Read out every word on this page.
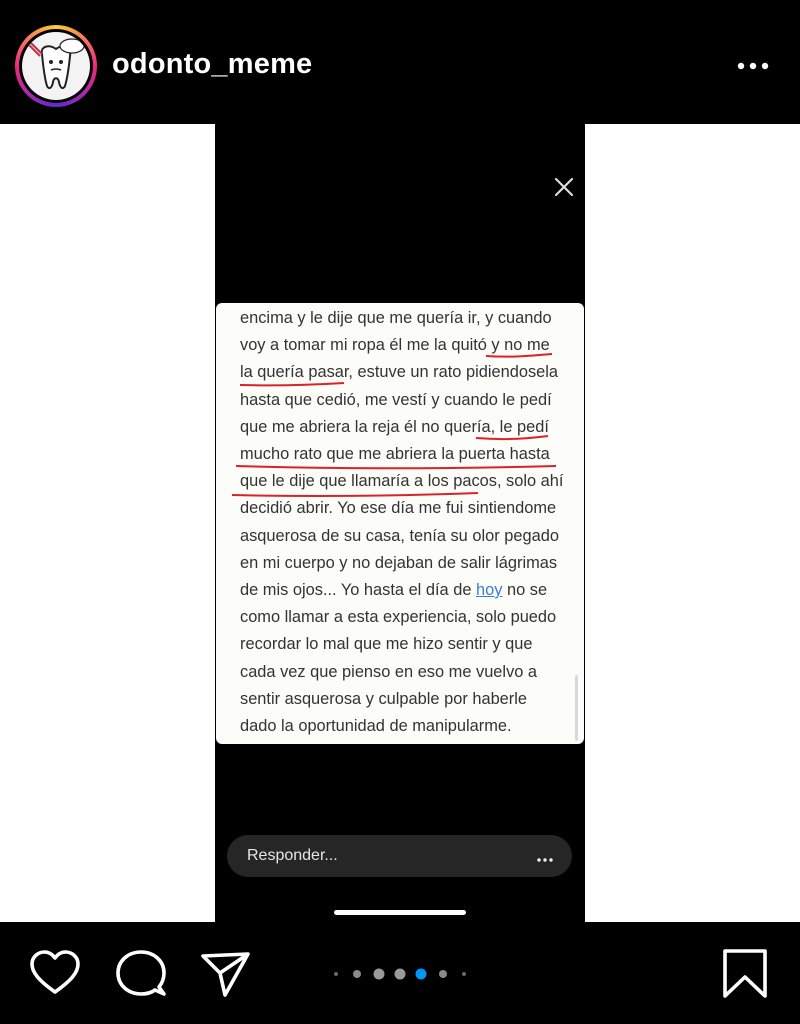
odonto_meme
encima y le dije que me quería ir, y cuando
voy a tomar mi ropa él me la quitó y no me
la quería pasar, estuve un rato pidiendosela
hasta que cedió, me vestí y cuando le pedí
que me abriera la reja él no quería, le pedí
mucho rato que me abriera la puerta hasta
que le dije que llamaría a los pacos, solo ahí
decidió abrir. Yo ese día me fui sintiendome
asquerosa de su casa, tenía su olor pegado
en mi cuerpo y no dejaban de salir lágrimas
de mis ojos... Yo hasta el día de hoy no se
como llamar a esta experiencia, solo puedo
recordar lo mal que me hizo sentir y que
cada vez que pienso en eso me vuelvo a
sentir asquerosa y culpable por haberle
dado la oportunidad de manipularme.
Responder...
